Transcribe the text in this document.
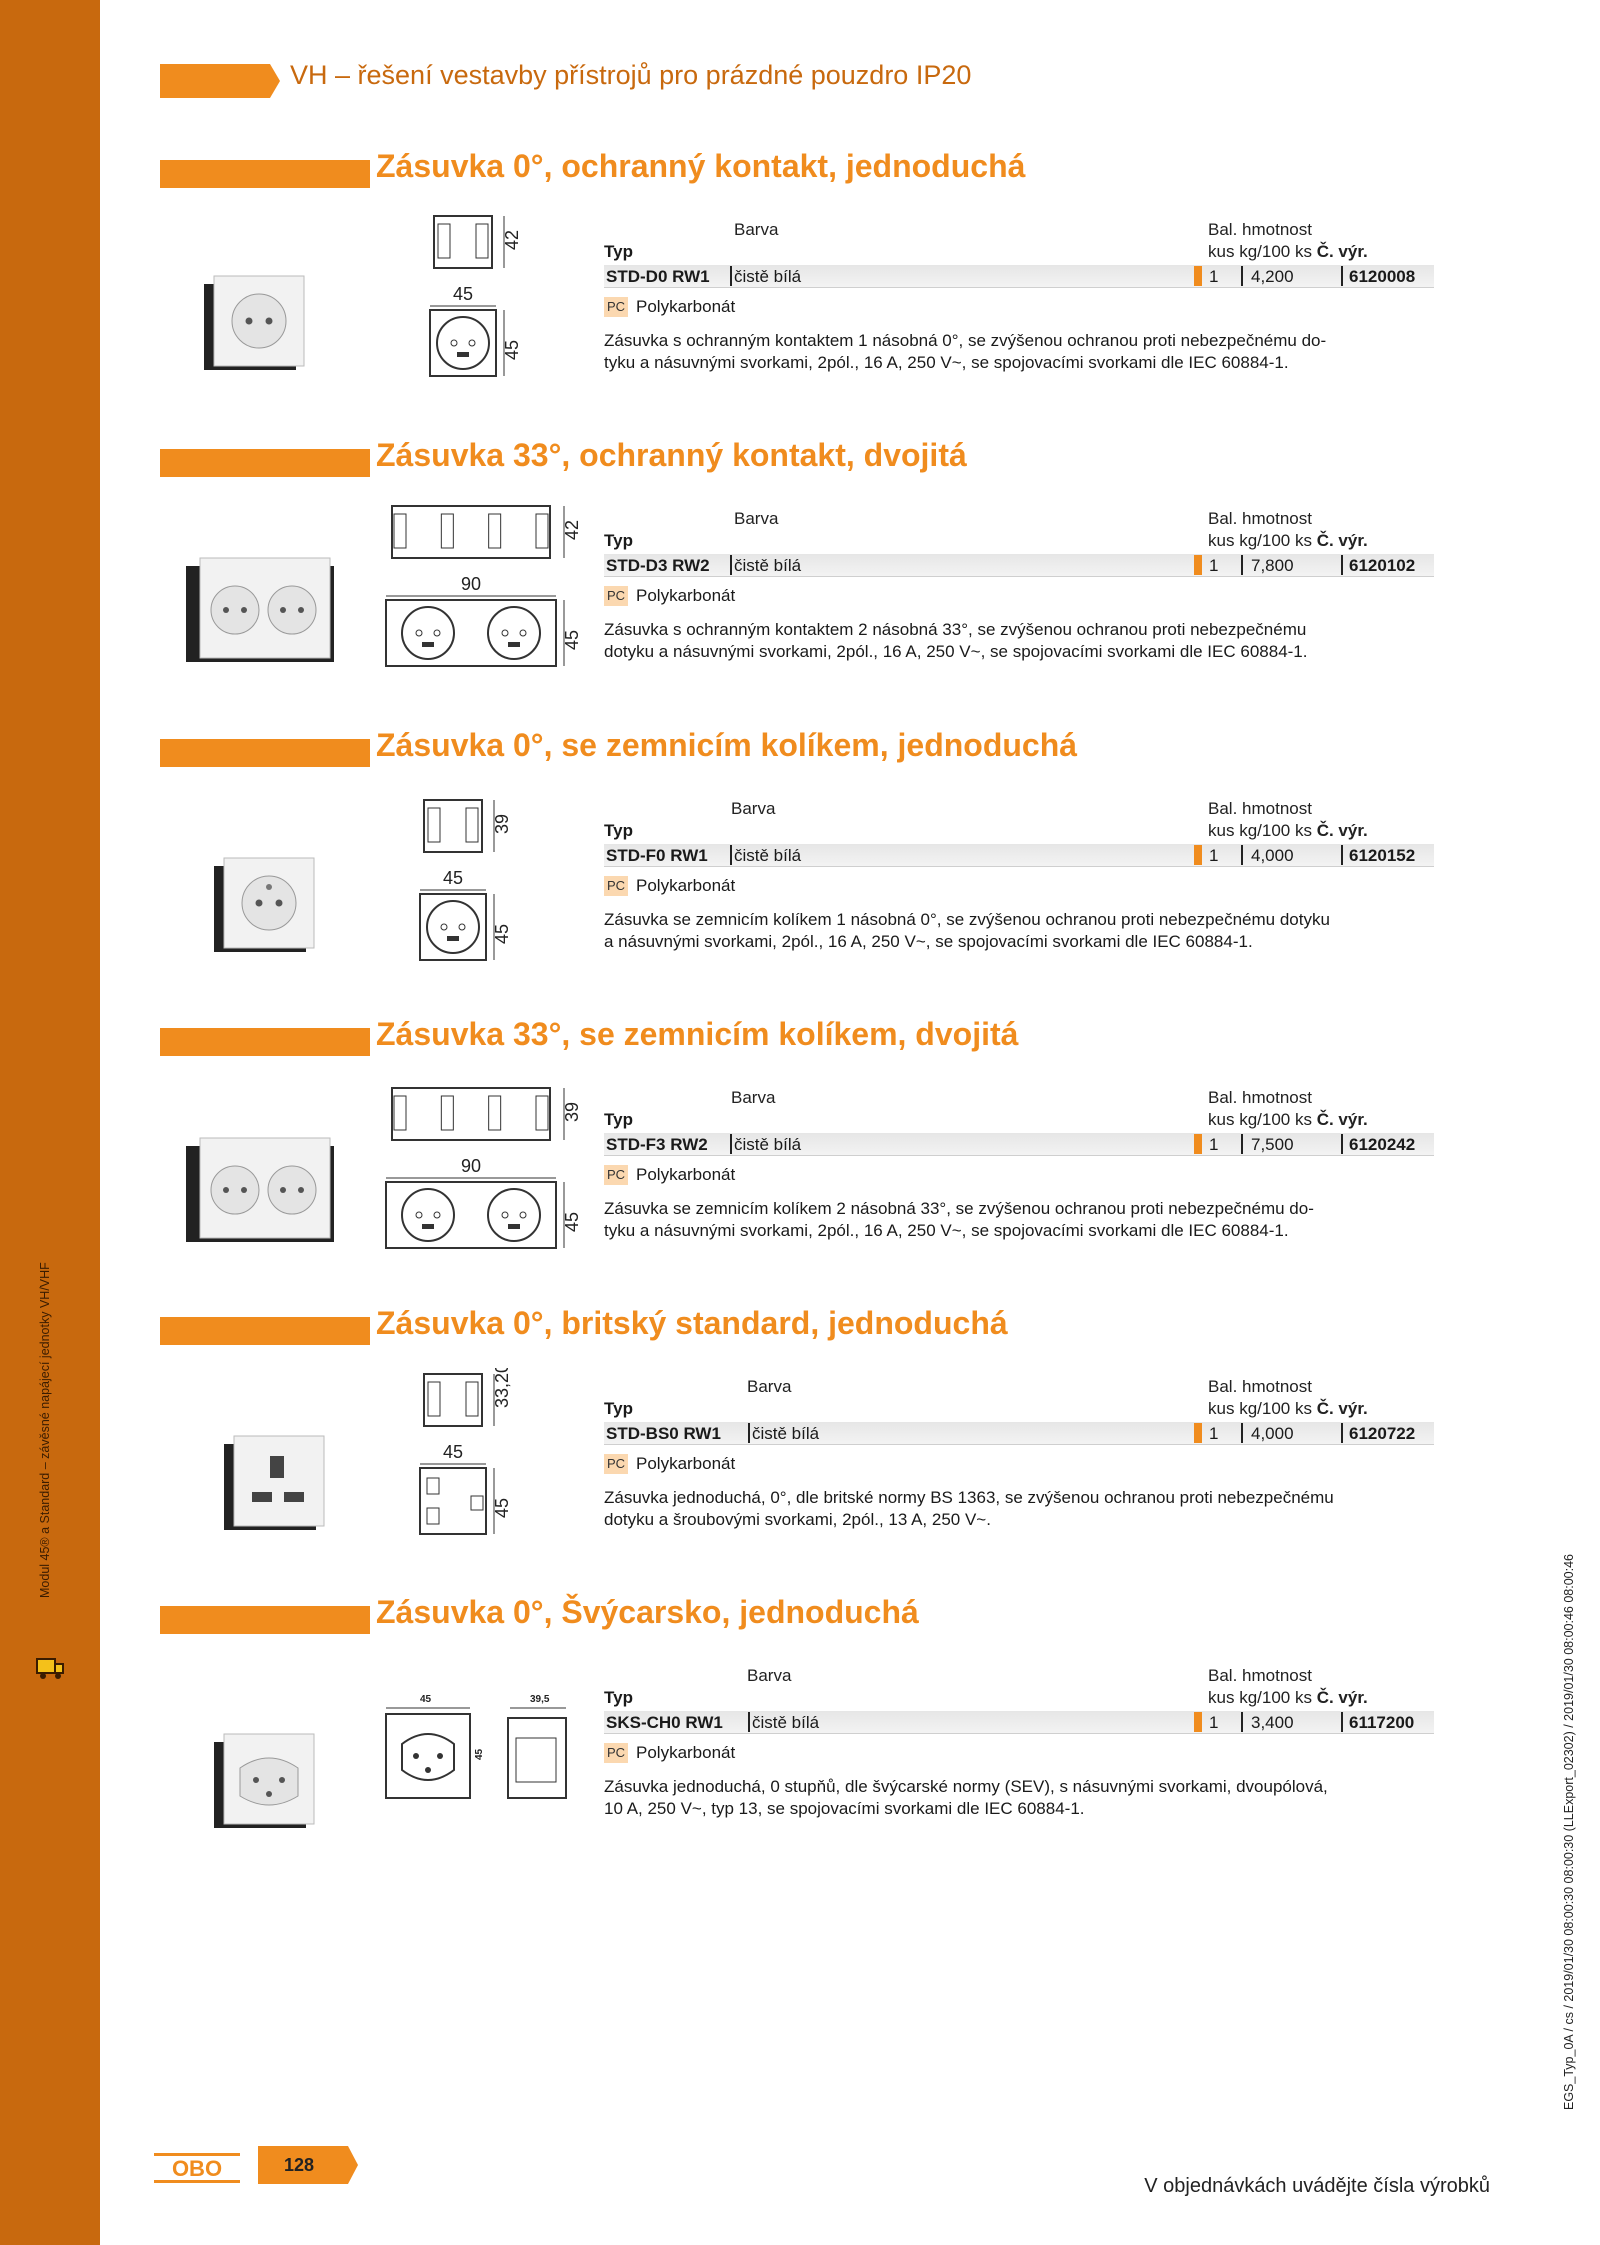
Modul 45® a Standard – závěsné napájecí jednotky VH/VHF
VH – řešení vestavby přístrojů pro prázdné pouzdro IP20
EGS_Typ_0A / cs / 2019/01/30 08:00:30 08:00:30 (LLExport_02302) / 2019/01/30 08:00:46 08:00:46
Zásuvka 0°, ochranný kontakt, jednoduchá
42
45
45
Barva	Bal. hmotnost
Typ	kus kg/100 ks Č. výr.
STD-D0 RW1 čistě bílá	1 4,200	6120008
PC Polykarbonát
Zásuvka s ochranným kontaktem 1 násobná 0°, se zvýšenou ochranou proti nebezpečnému do-
tyku a násuvnými svorkami, 2pól., 16 A, 250 V~, se spojovacími svorkami dle IEC 60884-1.
Zásuvka 33°, ochranný kontakt, dvojitá
42
90
45
Barva	Bal. hmotnost
Typ	kus kg/100 ks Č. výr.
STD-D3 RW2 čistě bílá	1 7,800	6120102
PC Polykarbonát
Zásuvka s ochranným kontaktem 2 násobná 33°, se zvýšenou ochranou proti nebezpečnému
dotyku a násuvnými svorkami, 2pól., 16 A, 250 V~, se spojovacími svorkami dle IEC 60884-1.
Zásuvka 0°, se zemnicím kolíkem, jednoduchá
39
45
45
Barva	Bal. hmotnost
Typ	kus kg/100 ks Č. výr.
STD-F0 RW1 čistě bílá	1 4,000	6120152
PC Polykarbonát
Zásuvka se zemnicím kolíkem 1 násobná 0°, se zvýšenou ochranou proti nebezpečnému dotyku
a násuvnými svorkami, 2pól., 16 A, 250 V~, se spojovacími svorkami dle IEC 60884-1.
Zásuvka 33°, se zemnicím kolíkem, dvojitá
39
90
45
Barva	Bal. hmotnost
Typ	kus kg/100 ks Č. výr.
STD-F3 RW2 čistě bílá	1 7,500	6120242
PC Polykarbonát
Zásuvka se zemnicím kolíkem 2 násobná 33°, se zvýšenou ochranou proti nebezpečnému do-
tyku a násuvnými svorkami, 2pól., 16 A, 250 V~, se spojovacími svorkami dle IEC 60884-1.
Zásuvka 0°, britský standard, jednoduchá
33,20
45
45
Barva	Bal. hmotnost
Typ	kus kg/100 ks Č. výr.
STD-BS0 RW1 čistě bílá	1 4,000	6120722
PC Polykarbonát
Zásuvka jednoduchá, 0°, dle britské normy BS 1363, se zvýšenou ochranou proti nebezpečnému
dotyku a šroubovými svorkami, 2pól., 13 A, 250 V~.
Zásuvka 0°, Švýcarsko, jednoduchá
45
45
39,5
Barva	Bal. hmotnost
Typ	kus kg/100 ks Č. výr.
SKS-CH0 RW1 čistě bílá	1 3,400	6117200
PC Polykarbonát
Zásuvka jednoduchá, 0 stupňů, dle švýcarské normy (SEV), s násuvnými svorkami, dvoupólová,
10 A, 250 V~, typ 13, se spojovacími svorkami dle IEC 60884-1.
OBO	128
V objednávkách uvádějte čísla výrobků
